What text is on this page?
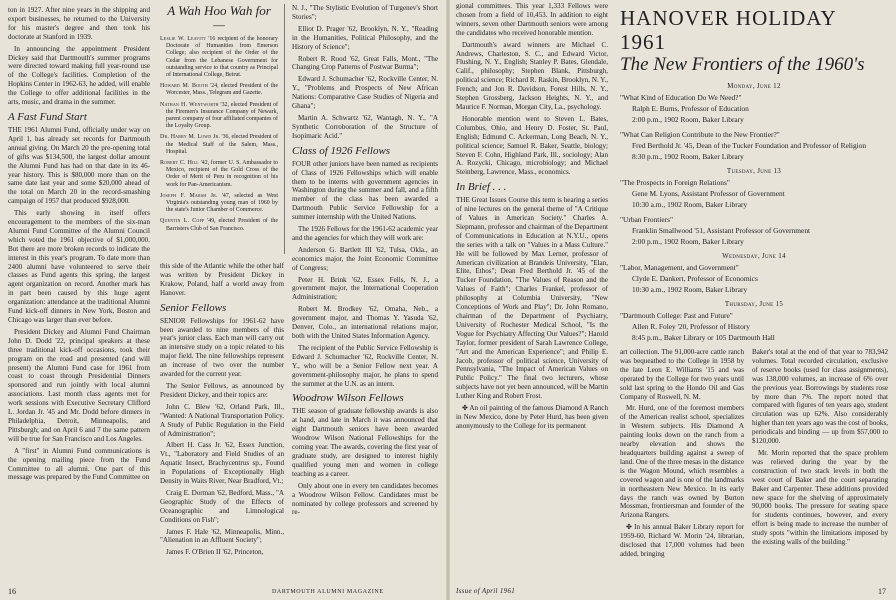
ton in 1927. After nine years in the shipping and export businesses, he returned to the University for his master's degree and then took his doctorate at Stanford in 1939.

In announcing the appointment President Dickey said that Dartmouth's summer programs were directed toward making full year-round use of the College's facilities. Completion of the Hopkins Center in 1962-63, he added, will enable the College to offer additional facilities in the arts, music, and drama in the summer.

A Fast Fund Start

THE 1961 Alumni Fund, officially under way on April 1, has already set records for Dartmouth annual giving. On March 20 the pre-opening total of gifts was $134,500, the largest dollar amount the Alumni Fund has had on that date in its 46-year history. This is $80,000 more than on the same date last year and some $20,000 ahead of the total on March 20 in the record-smashing campaign of 1957 that produced $928,000.

This early showing in itself offers encouragement to the members of the six-man Alumni Fund Committee of the Alumni Council which voted the 1961 objective of $1,000,000. But there are more broken records to indicate the interest in this year's program. To date more than 2400 alumni have volunteered to serve their classes as Fund agents this spring, the largest agent organization on record. Another mark has in part been caused by this huge agent organization: attendance at the traditional Alumni Fund kick-off dinners in New York, Boston and Chicago was larger than ever before.

President Dickey and Alumni Fund Chairman John D. Dodd '22, principal speakers at these three traditional kick-off occasions, took their program on the road and presented (and will present) the Alumni Fund case for 1961 from coast to coast through Presidential Dinners sponsored and run jointly with local alumni associations. Last month class agents met for work sessions with Executive Secretary Clifford L. Jordan Jr. '45 and Mr. Dodd before dinners in Philadelphia, Detroit, Minneapolis, and Pittsburgh; and on April 6 and 7 the same pattern will be true for San Francisco and Los Angeles.

A "first" in Alumni Fund communications is the opening mailing piece from the Fund Committee to all alumni. One part of this message was prepared by the Fund Committee on

A Wah Hoo Wah for —
Leslie W. Leavitt '16 recipient of the honorary Doctorate of Humanities from Emerson College; also recipient of the Order of the Cedar from the Lebanese Government for outstanding service to that country as Principal of International College, Beirut.
Howard M. Booth '24, elected President of the Worcester, Mass., Telegram and Gazette.
Nathan H. Wentworth '32, elected President of the Firemen's Insurance Company of Newark, parent company of four affiliated companies of the Loyalty Group.
Dr. Harry M. Lowd Jr. '36, elected President of the Medical Staff of the Salem, Mass., Hospital.
Robert C. Hill '42, former U. S. Ambassador to Mexico, recipient of the Gold Cross of the Order of Merit of Peru in recognition of his work for Pan-Americanism.
Joseph F. Marsh Jr. '47, selected as West Virginia's outstanding young man of 1960 by the state's Junior Chamber of Commerce.
Quentin L. Copp '49, elected President of the Barristers Club of San Francisco.

this side of the Atlantic while the other half was written by President Dickey in Krakow, Poland, half a world away from Hanover.

Senior Fellows

SENIOR Fellowships for 1961-62 have been awarded to nine members of this year's junior class. Each man will carry out an intensive study on a topic related to his major field. The nine fellowships represent an increase of two over the number awarded for the current year.

The Senior Fellows, as announced by President Dickey, and their topics are:

John C. Blew '62, Orland Park, Ill., "Wanted: A National Transportation Policy. A Study of Public Regulation in the Field of Administration";

Albert H. Cass Jr. '62, Essex Junction, Vt., "Laboratory and Field Studies of an Aquatic Insect, Brachycentrus sp., Found in Populations of Exceptionally High Density in Waits River, Near Bradford, Vt.;

Craig E. Dorman '62, Bedford, Mass., "A Geographic Study of the Effects of Oceanographic and Limnological Conditions on Fish";

James F. Hale '62, Minneapolis, Minn., "Alienation in an Affluent Society";

James F. O'Brien II '62, Princeton,

N. J., "The Stylistic Evolution of Turgenev's Short Stories";

Elliot D. Prager '62, Brooklyn, N. Y., "Reading in the Humanities, Political Philosophy, and the History of Science";

Robert R. Rood '62, Great Falls, Mont., "The Changing Crop Patterns of Postwar Burma";

Edward J. Schumacher '62, Rockville Center, N. Y., "Problems and Prospects of New African Nations: Comparative Case Studies of Nigeria and Ghana";

Martin A. Schwartz '62, Wantagh, N. Y., "A Synthetic Corroboration of the Structure of Isopimaric Acid."

Class of 1926 Fellows

FOUR other juniors have been named as recipients of Class of 1926 Fellowships which will enable them to be interns with government agencies in Washington during the summer and fall, and a fifth member of the class has been awarded a Dartmouth Public Service Fellowship for a summer internship with the United Nations.

The 1926 Fellows for the 1961-62 academic year and the agencies for which they will work are:

Anderson G. Bartlett III '62, Tulsa, Okla., an economics major, the Joint Economic Committee of Congress;

Peter H. Brink '62, Essex Fells, N. J., a government major, the International Cooperation Administration;

Robert M. Brodkey '62, Omaha, Neb., a government major, and Thomas Y. Yasuda '62, Denver, Colo., an international relations major, both with the United States Information Agency.

The recipient of the Public Service Fellowship is Edward J. Schumacher '62, Rockville Center, N. Y., who will be a Senior Fellow next year. A government-philosophy major, he plans to spend the summer at the U.N. as an intern.

Woodrow Wilson Fellows

THE season of graduate fellowship awards is also at hand, and late in March it was announced that eight Dartmouth seniors have been awarded Woodrow Wilson National Fellowships for the coming year. The awards, covering the first year of graduate study, are designed to interest highly qualified young men and women in college teaching as a career.

Only about one in every ten candidates becomes a Woodrow Wilson Fellow. Candidates must be nominated by college professors and screened by re-

16	DARTMOUTH ALUMNI MAGAZINE

gional committees. This year 1,333 Fellows were chosen from a field of 10,453. In addition to eight winners, seven other Dartmouth seniors were among the candidates who received honorable mention.

Dartmouth's award winners are Michael C. Andrews, Charleston, S. C., and Edward Victor, Flushing, N. Y., English; Stanley P. Bates, Glendale, Calif., philosophy; Stephen Blank, Pittsburgh, political science; Richard R. Raskin, Brooklyn, N. Y., French; and Jon R. Davidson, Forest Hills, N. Y., Stephen Grossberg, Jackson Heights, N. Y., and Maurice F. Norman, Morgan City, La., psychology.

Honorable mention went to Steven L. Bates, Columbus, Ohio, and Henry D. Foster, St. Paul, English; Edmund C. Ackerman, Long Beach, N. Y., political science; Samuel R. Baker, Seattle, biology; Steven F. Cohn, Highland Park, Ill., sociology; Alan A. Rozycki, Chicago, microbiology; and Michael Steinberg, Lawrence, Mass., economics.

In Brief . . .

THE Great Issues Course this term is hearing a series of nine lectures on the general theme of "A Critique of Values in American Society." Charles A. Siepmann, professor and chairman of the Department of Communications in Education at N.Y.U., opens the series with a talk on "Values in a Mass Culture." He will be followed by Max Lerner, professor of American civilization at Brandeis University, "Elan, Elite, Ethos"; Dean Fred Berthold Jr. '45 of the Tucker Foundation, "The Values of Reason and the Values of Faith"; Charles Frankel, professor of philosophy at Columbia University, "New Conceptions of Work and Play"; Dr. John Romano, chairman of the Department of Psychiatry, University of Rochester Medical School, "Is the Vogue for Psychiatry Affecting Our Values?"; Harold Taylor, former president of Sarah Lawrence College, "Art and the American Experience"; and Philip E. Jacob, professor of political science, University of Pennsylvania, "The Impact of American Values on Public Policy." The final two lecturers, whose subjects have not yet been announced, will be Martin Luther King and Robert Frost.

✤ An oil painting of the famous Diamond A Ranch in New Mexico, done by Peter Hurd, has been given anonymously to the College for its permanent

HANOVER HOLIDAY 1961
The New Frontiers of the 1960's
Monday, June 12
"What Kind of Education Do We Need?"
Ralph E. Burns, Professor of Education
2:00 p.m., 1902 Room, Baker Library
"What Can Religion Contribute to the New Frontier?"
Fred Berthold Jr. '45, Dean of the Tucker Foundation and Professor of Religion
8:30 p.m., 1902 Room, Baker Library
Tuesday, June 13
"The Prospects in Foreign Relations"
Gene M. Lyons, Assistant Professor of Government
10:30 a.m., 1902 Room, Baker Library
"Urban Frontiers"
Franklin Smallwood '51, Assistant Professor of Government
2:00 p.m., 1902 Room, Baker Library
Wednesday, June 14
"Labor, Management, and Government"
Clyde E. Dankert, Professor of Economics
10:30 a.m., 1902 Room, Baker Library
Thursday, June 15
"Dartmouth College: Past and Future"
Allen R. Foley '20, Professor of History
8:45 p.m., Baker Library or 105 Dartmouth Hall

art collection. The 91,000-acre cattle ranch was bequeathed to the College in 1958 by the late Leon E. Williams '15 and was operated by the College for two years until sold last spring to the Hondo Oil and Gas Company of Roswell, N. M.

Mr. Hurd, one of the foremost members of the American realist school, specializes in Western subjects. His Diamond A painting looks down on the ranch from a nearby elevation and shows the headquarters building against a sweep of land. One of the three mesas in the distance is the Wagon Mound, which resembles a covered wagon and is one of the landmarks in northeastern New Mexico. In its early days the ranch was owned by Burton Mossman, frontiersman and founder of the Arizona Rangers.

✤ In his annual Baker Library report for 1959-60, Richard W. Morin '24, librarian, disclosed that 17,000 volumes had been added, bringing

Baker's total at the end of that year to 783,942 volumes. Total recorded circulation, exclusive of reserve books (used for class assignments), was 138,000 volumes, an increase of 6% over the previous year. Borrowings by students rose by more than 7%. The report noted that compared with figures of ten years ago, student circulation was up 62%. Also considerably higher than ten years ago was the cost of books, periodicals and binding — up from $57,000 to $120,000.

Mr. Morin reported that the space problem was relieved during the year by the construction of two stack levels in both the west court of Baker and the court separating Baker and Carpenter. These additions provided new space for the shelving of approximately 90,000 books. The pressure for seating space for students continues, however, and every effort is being made to increase the number of study spots "within the limitations imposed by the existing walls of the building."

Issue of April 1961	17
